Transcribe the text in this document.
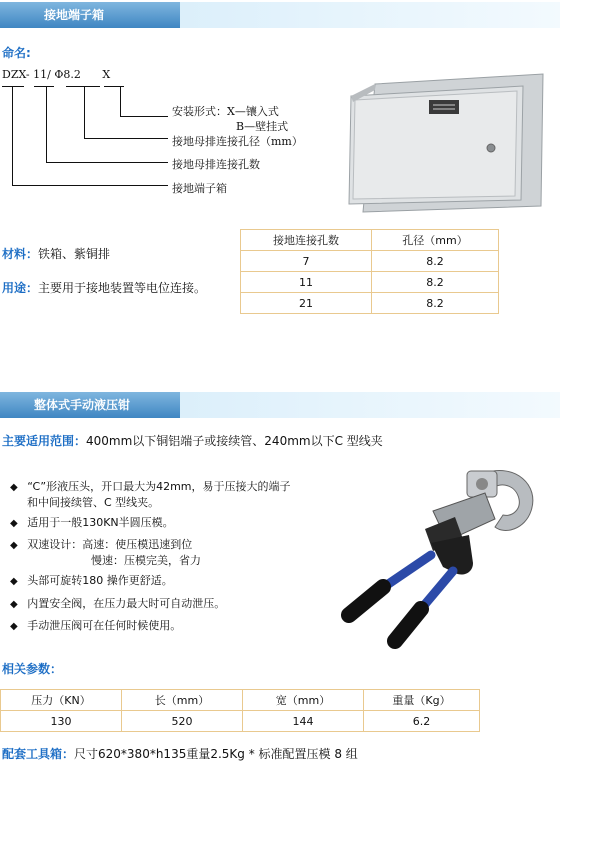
接地端子箱
命名:
DZX- 11/ Φ8.2 X
安装形式：X—镶入式
B—壁挂式
接地母排连接孔径（mm）
接地母排连接孔数
接地端子箱
材料：铁箱、紫铜排
用途：主要用于接地装置等电位连接。
接地连接孔数	孔径（mm）
7	8.2
11	8.2
21	8.2
整体式手动液压钳
主要适用范围：400mm以下铜铝端子或接续管、240mm以下C 型线夹
◆ “C”形液压头，开口最大为42mm，易于压接大的端子
和中间接续管、C 型线夹。
◆ 适用于一般130KN半圆压模。
◆ 双速设计：高速：使压模迅速到位
慢速：压模完美，省力
◆ 头部可旋转180 操作更舒适。
◆ 内置安全阀，在压力最大时可自动泄压。
◆ 手动泄压阀可在任何时候使用。
相关参数：
压力（KN）	长（mm）	宽（mm）	重量（Kg）
130	520	144	6.2
配套工具箱：尺寸620*380*h135重量2.5Kg * 标准配置压模 8 组
